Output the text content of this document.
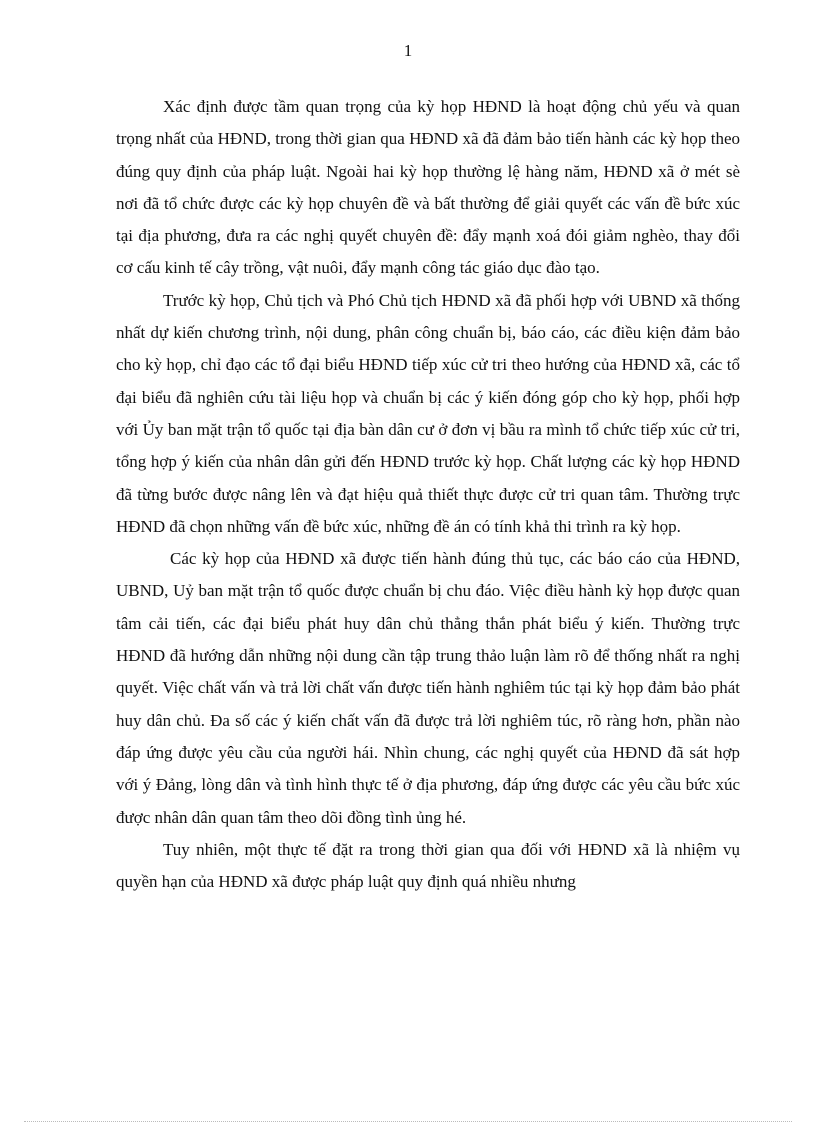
1

Xác định được tầm quan trọng của kỳ họp HĐND là hoạt động chủ yếu và quan trọng nhất của HĐND, trong thời gian qua HĐND xã đã đảm bảo tiến hành các kỳ họp theo đúng quy định của pháp luật. Ngoài hai kỳ họp thường lệ hàng năm, HĐND xã ở mét sè nơi đã tổ chức được các kỳ họp chuyên đề và bất thường để giải quyết các vấn đề bức xúc tại địa phương, đưa ra các nghị quyết chuyên đề: đẩy mạnh xoá đói giảm nghèo, thay đổi cơ cấu kinh tế cây trồng, vật nuôi, đẩy mạnh công tác giáo dục đào tạo.

Trước kỳ họp, Chủ tịch và Phó Chủ tịch HĐND xã đã phối hợp với UBND xã thống nhất dự kiến chương trình, nội dung, phân công chuẩn bị, báo cáo, các điều kiện đảm bảo cho kỳ họp, chỉ đạo các tổ đại biểu HĐND tiếp xúc cử tri theo hướng của HĐND xã, các tổ đại biểu đã nghiên cứu tài liệu họp và chuẩn bị các ý kiến đóng góp cho kỳ họp, phối hợp với Ủy ban mặt trận tổ quốc tại địa bàn dân cư ở đơn vị bầu ra mình tổ chức tiếp xúc cử tri, tổng hợp ý kiến của nhân dân gửi đến HĐND trước kỳ họp. Chất lượng các kỳ họp HĐND đã từng bước được nâng lên và đạt hiệu quả thiết thực được cử tri quan tâm. Thường trực HĐND đã chọn những vấn đề bức xúc, những đề án có tính khả thi trình ra kỳ họp.

Các kỳ họp của HĐND xã được tiến hành đúng thủ tục, các báo cáo của HĐND, UBND, Uỷ ban mặt trận tổ quốc được chuẩn bị chu đáo. Việc điều hành kỳ họp được quan tâm cải tiến, các đại biểu phát huy dân chủ thẳng thắn phát biểu ý kiến. Thường trực HĐND đã hướng dẫn những nội dung cần tập trung thảo luận làm rõ để thống nhất ra nghị quyết. Việc chất vấn và trả lời chất vấn được tiến hành nghiêm túc tại kỳ họp đảm bảo phát huy dân chủ. Đa số các ý kiến chất vấn đã được trả lời nghiêm túc, rõ ràng hơn, phần nào đáp ứng được yêu cầu của người hái. Nhìn chung, các nghị quyết của HĐND đã sát hợp với ý Đảng, lòng dân và tình hình thực tế ở địa phương, đáp ứng được các yêu cầu bức xúc được nhân dân quan tâm theo dõi đồng tình ủng hé.

Tuy nhiên, một thực tế đặt ra trong thời gian qua đối với HĐND xã là nhiệm vụ quyền hạn của HĐND xã được pháp luật quy định quá nhiều nhưng
